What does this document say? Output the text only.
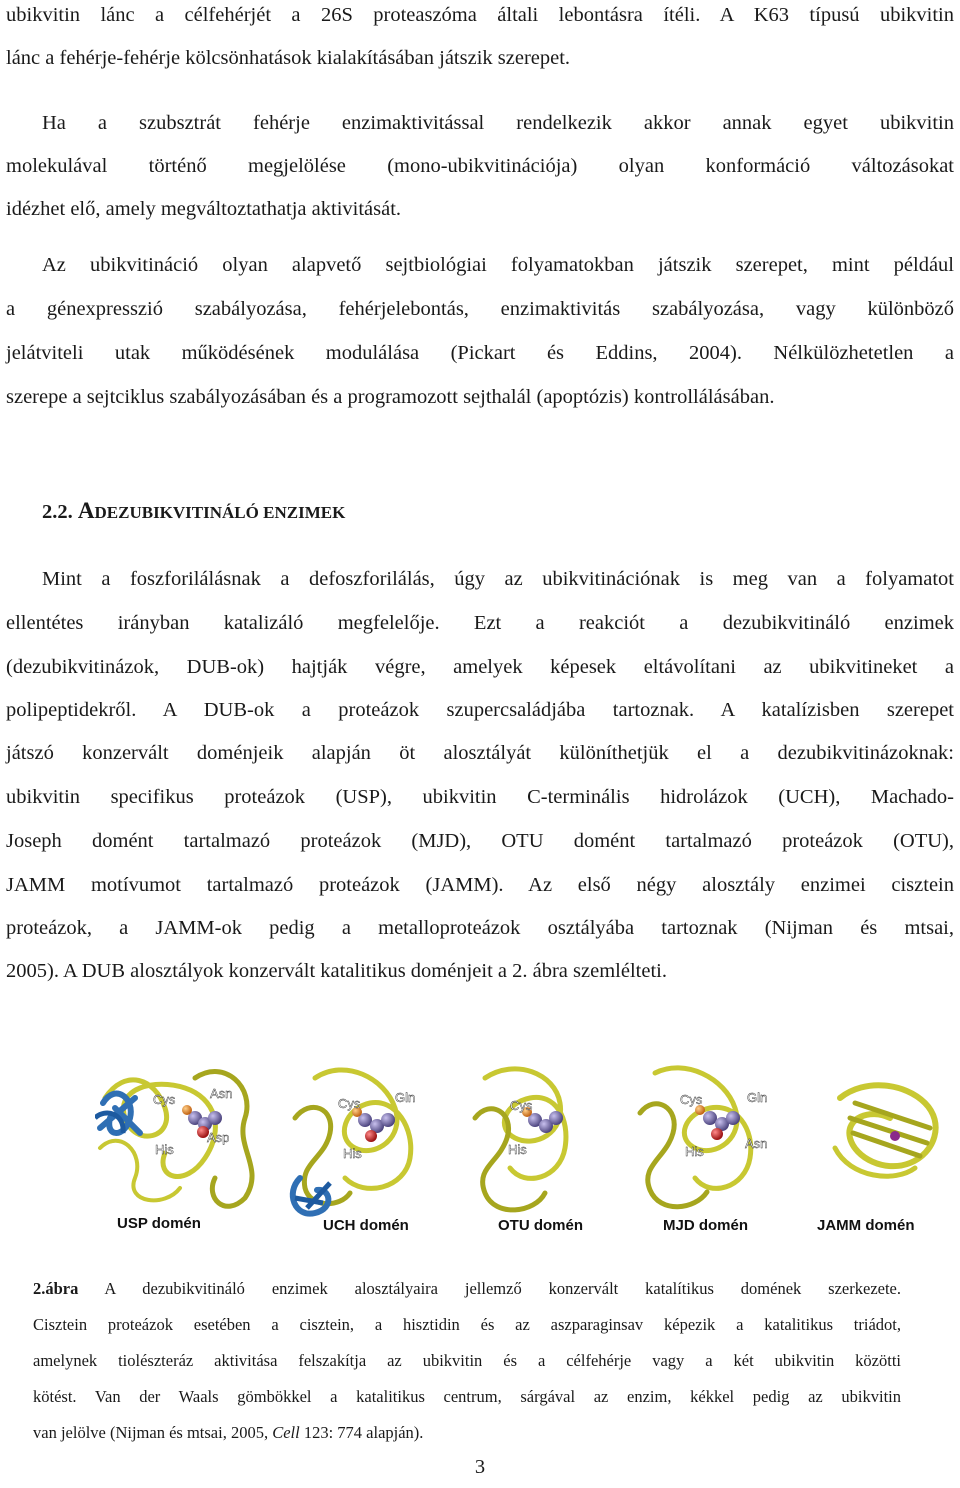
ubikvitin lánc a célfehérjét a 26S proteaszóma általi lebontásra ítéli. A K63 típusú ubikvitin
lánc a fehérje-fehérje kölcsönhatások kialakításában játszik szerepet.
Ha a szubsztrát fehérje enzimaktivitással rendelkezik akkor annak egyet ubikvitin
molekulával történő megjelölése (mono-ubikvitinációja) olyan konformáció változásokat
idézhet elő, amely megváltoztathatja aktivitását.
Az ubikvitináció olyan alapvető sejtbiológiai folyamatokban játszik szerepet, mint például
a génexpresszió szabályozása, fehérjelebontás, enzimaktivitás szabályozása, vagy különböző
jelátviteli utak működésének modulálása (Pickart és Eddins, 2004). Nélkülözhetetlen a
szerepe a sejtciklus szabályozásában és a programozott sejthalál (apoptózis) kontrollálásában.
2.2. ADEZUBIKVITINÁLÓ ENZIMEK
Mint a foszforilálásnak a defoszforilálás, úgy az ubikvitinációnak is meg van a folyamatot
ellentétes irányban katalizáló megfelelője. Ezt a reakciót a dezubikvitináló enzimek
(dezubikvitinázok, DUB-ok) hajtják végre, amelyek képesek eltávolítani az ubikvitineket a
polipeptidekről. A DUB-ok a proteázok szupercsaládjába tartoznak. A katalízisben szerepet
játszó konzervált doménjeik alapján öt alosztályát különíthetjük el a dezubikvitinázoknak:
ubikvitin specifikus proteázok (USP), ubikvitin C-terminális hidrolázok (UCH), Machado-
Joseph domént tartalmazó proteázok (MJD), OTU domént tartalmazó proteázok (OTU),
JAMM motívumot tartalmazó proteázok (JAMM). Az első négy alosztály enzimei cisztein
proteázok, a JAMM-ok pedig a metalloproteázok osztályába tartoznak (Nijman és mtsai,
2005). A DUB alosztályok konzervált katalitikus doménjeit a 2. ábra szemlélteti.
Cys	Asn
His
Asp
USP domén
Cys	Gln
His
UCH domén
Cys
His
OTU domén
Cys	Gln
His
Asn
MJD domén	JAMM domén
2.ábra A dezubikvitináló enzimek alosztályaira jellemző konzervált katalítikus domének szerkezete.
Cisztein proteázok esetében a cisztein, a hisztidin és az aszparaginsav képezik a katalitikus triádot,
amelynek tiolészteráz aktivitása felszakítja az ubikvitin és a célfehérje vagy a két ubikvitin közötti
kötést. Van der Waals gömbökkel a katalitikus centrum, sárgával az enzim, kékkel pedig az ubikvitin
van jelölve (Nijman és mtsai, 2005, Cell 123: 774 alapján).
3
